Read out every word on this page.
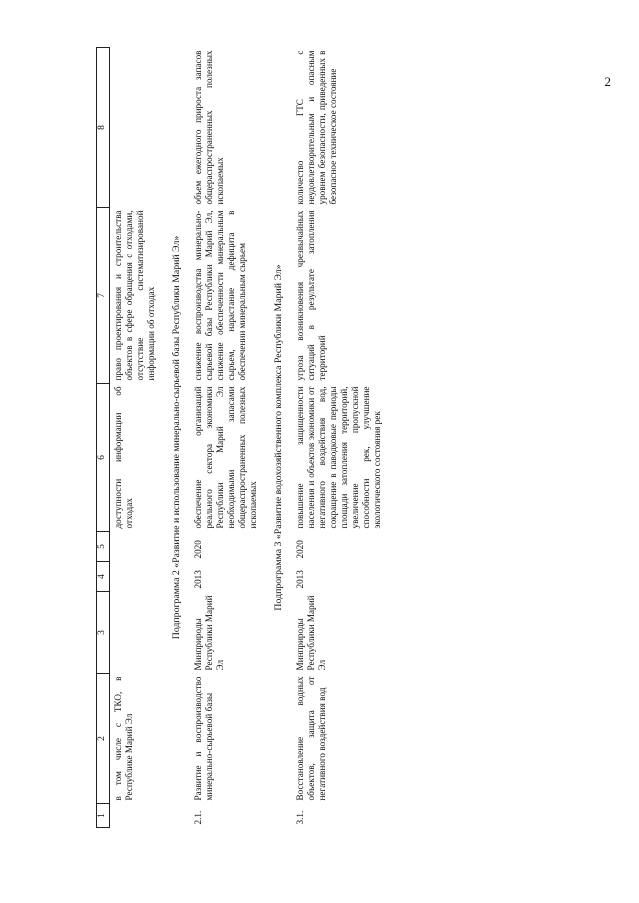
2
1	2	3	4	5	6	7	8
	в том числе с ТКО, в Республике Марий Эл				доступности информации об отходах	право проектирования и строительства объектов в сфере обращения с отходами, отсутствие систематизированой информации об отходах	
Подпрограмма 2 «Развитие и использование минерально-сырьевой базы Республики Марий Эл»							
2.1.	Развитие и воспроизводство минерально-сырьевой базы	Минприроды Республики Марий Эл	2013	2020	обеспечение организаций реального сектора экономики Республики Марий Эл необходимыми запасами общераспространенных полезных ископаемых	снижение воспроизводства минерально-сырьевой базы Республики Марий Эл, снижение обеспеченности минеральным сырьем, нарастание дефицита в обеспечении минеральным сырьем	объем ежегодного прироста запасов общераспространенных полезных ископаемых
Подпрограмма 3 «Развитие водохозяйственного комплекса Республики Марий Эл»							
3.1.	Восстановление водных объектов, защита от негативного воздействия вод	Минприроды Республики Марий Эл	2013	2020	повышение защищенности населения и объектов экономики от негативного воздействия вод, сокращение в паводковые периоды площади затопления территорий, увеличение пропускной способности рек, улучшение экологического состояния рек	угроза возникновения чрезвычайных ситуаций в результате затопления территорий	количество ГТС с неудовлетворительным и опасным уровнем безопасности, приведенных в безопасное техническое состояние
